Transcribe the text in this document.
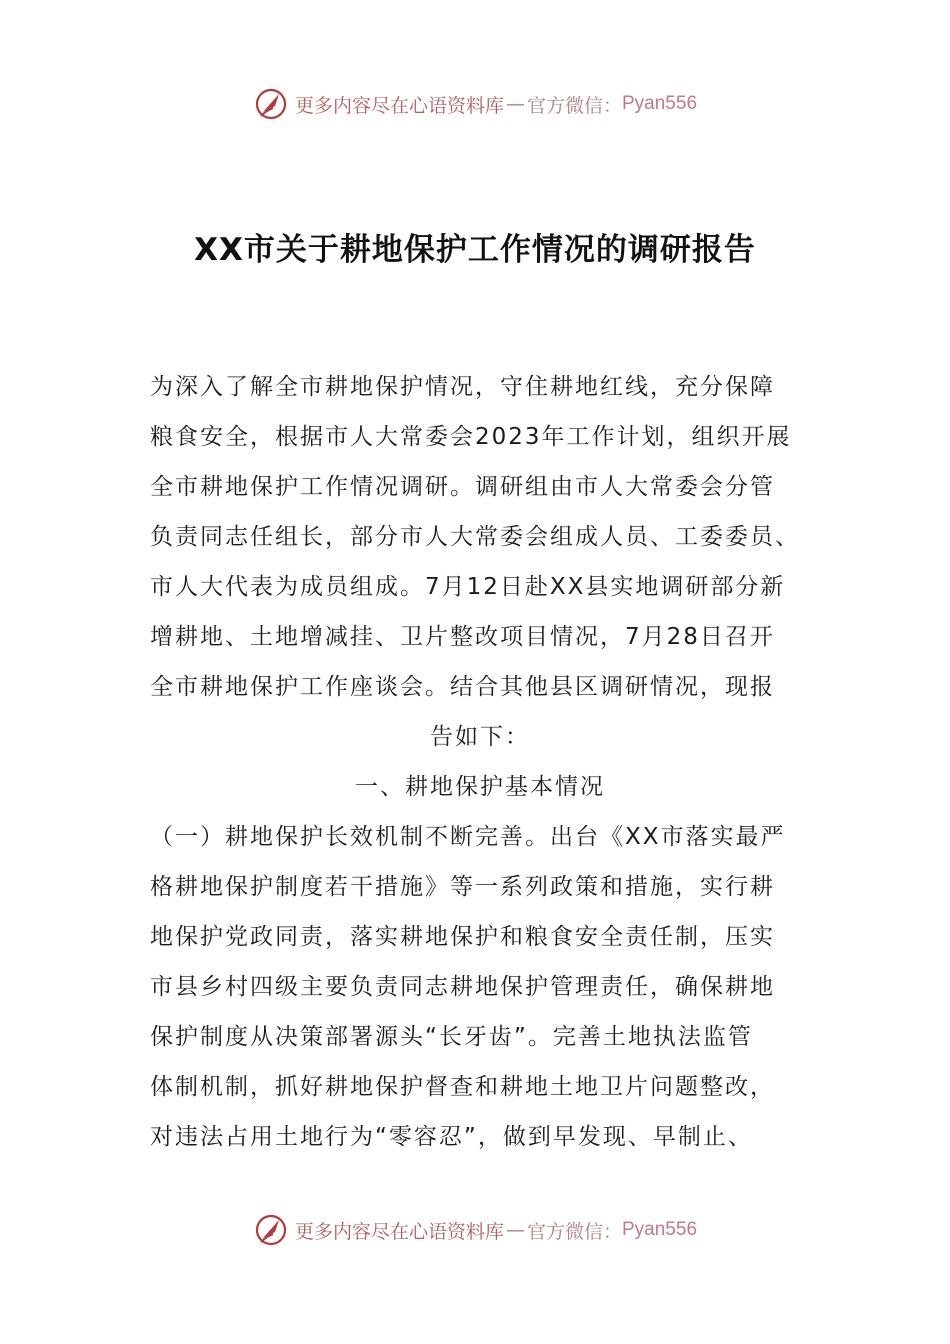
更多内容尽在心语资料库 — 官方微信： Pyan556
XX市关于耕地保护工作情况的调研报告
为深入了解全市耕地保护情况，守住耕地红线，充分保障
粮食安全，根据市人大常委会2023年工作计划，组织开展
全市耕地保护工作情况调研。调研组由市人大常委会分管
负责同志任组长，部分市人大常委会组成人员、工委委员、
市人大代表为成员组成。7月12日赴XX县实地调研部分新
增耕地、土地增减挂、卫片整改项目情况，7月28日召开
全市耕地保护工作座谈会。结合其他县区调研情况，现报
告如下：
一、耕地保护基本情况
（一）耕地保护长效机制不断完善。出台《XX市落实最严
格耕地保护制度若干措施》等一系列政策和措施，实行耕
地保护党政同责，落实耕地保护和粮食安全责任制，压实
市县乡村四级主要负责同志耕地保护管理责任，确保耕地
保护制度从决策部署源头“长牙齿”。完善土地执法监管
体制机制，抓好耕地保护督查和耕地土地卫片问题整改，
对违法占用土地行为“零容忍”，做到早发现、早制止、
更多内容尽在心语资料库 — 官方微信： Pyan556
